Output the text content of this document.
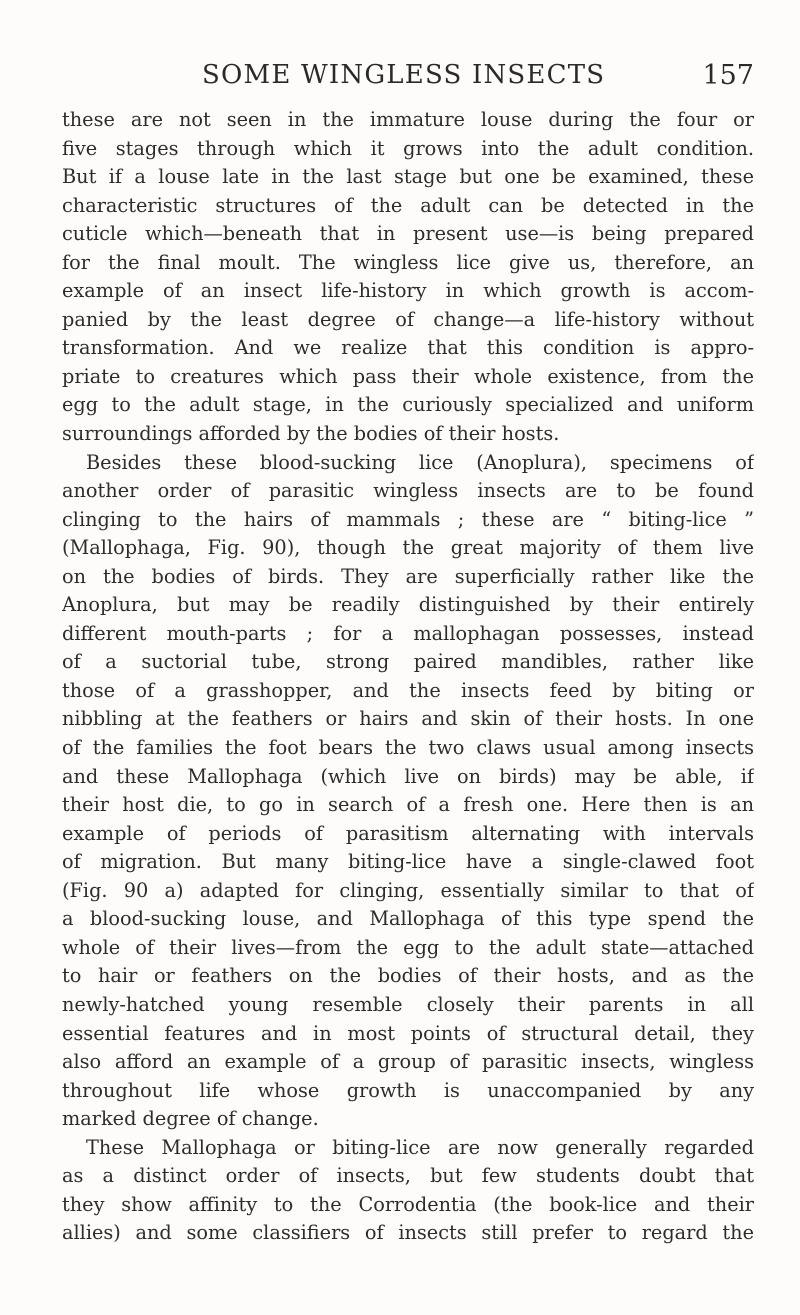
SOME WINGLESS INSECTS	157
these are not seen in the immature louse during the four or
five stages through which it grows into the adult condition.
But if a louse late in the last stage but one be examined, these
characteristic structures of the adult can be detected in the
cuticle which—beneath that in present use—is being prepared
for the final moult. The wingless lice give us, therefore, an
example of an insect life-history in which growth is accom-
panied by the least degree of change—a life-history without
transformation. And we realize that this condition is appro-
priate to creatures which pass their whole existence, from the
egg to the adult stage, in the curiously specialized and uniform
surroundings afforded by the bodies of their hosts.
Besides these blood-sucking lice (Anoplura), specimens of
another order of parasitic wingless insects are to be found
clinging to the hairs of mammals ; these are “ biting-lice ”
(Mallophaga, Fig. 90), though the great majority of them live
on the bodies of birds. They are superficially rather like the
Anoplura, but may be readily distinguished by their entirely
different mouth-parts ; for a mallophagan possesses, instead
of a suctorial tube, strong paired mandibles, rather like
those of a grasshopper, and the insects feed by biting or
nibbling at the feathers or hairs and skin of their hosts. In one
of the families the foot bears the two claws usual among insects
and these Mallophaga (which live on birds) may be able, if
their host die, to go in search of a fresh one. Here then is an
example of periods of parasitism alternating with intervals
of migration. But many biting-lice have a single-clawed foot
(Fig. 90 a) adapted for clinging, essentially similar to that of
a blood-sucking louse, and Mallophaga of this type spend the
whole of their lives—from the egg to the adult state—attached
to hair or feathers on the bodies of their hosts, and as the
newly-hatched young resemble closely their parents in all
essential features and in most points of structural detail, they
also afford an example of a group of parasitic insects, wingless
throughout life whose growth is unaccompanied by any
marked degree of change.
These Mallophaga or biting-lice are now generally regarded
as a distinct order of insects, but few students doubt that
they show affinity to the Corrodentia (the book-lice and their
allies) and some classifiers of insects still prefer to regard the
